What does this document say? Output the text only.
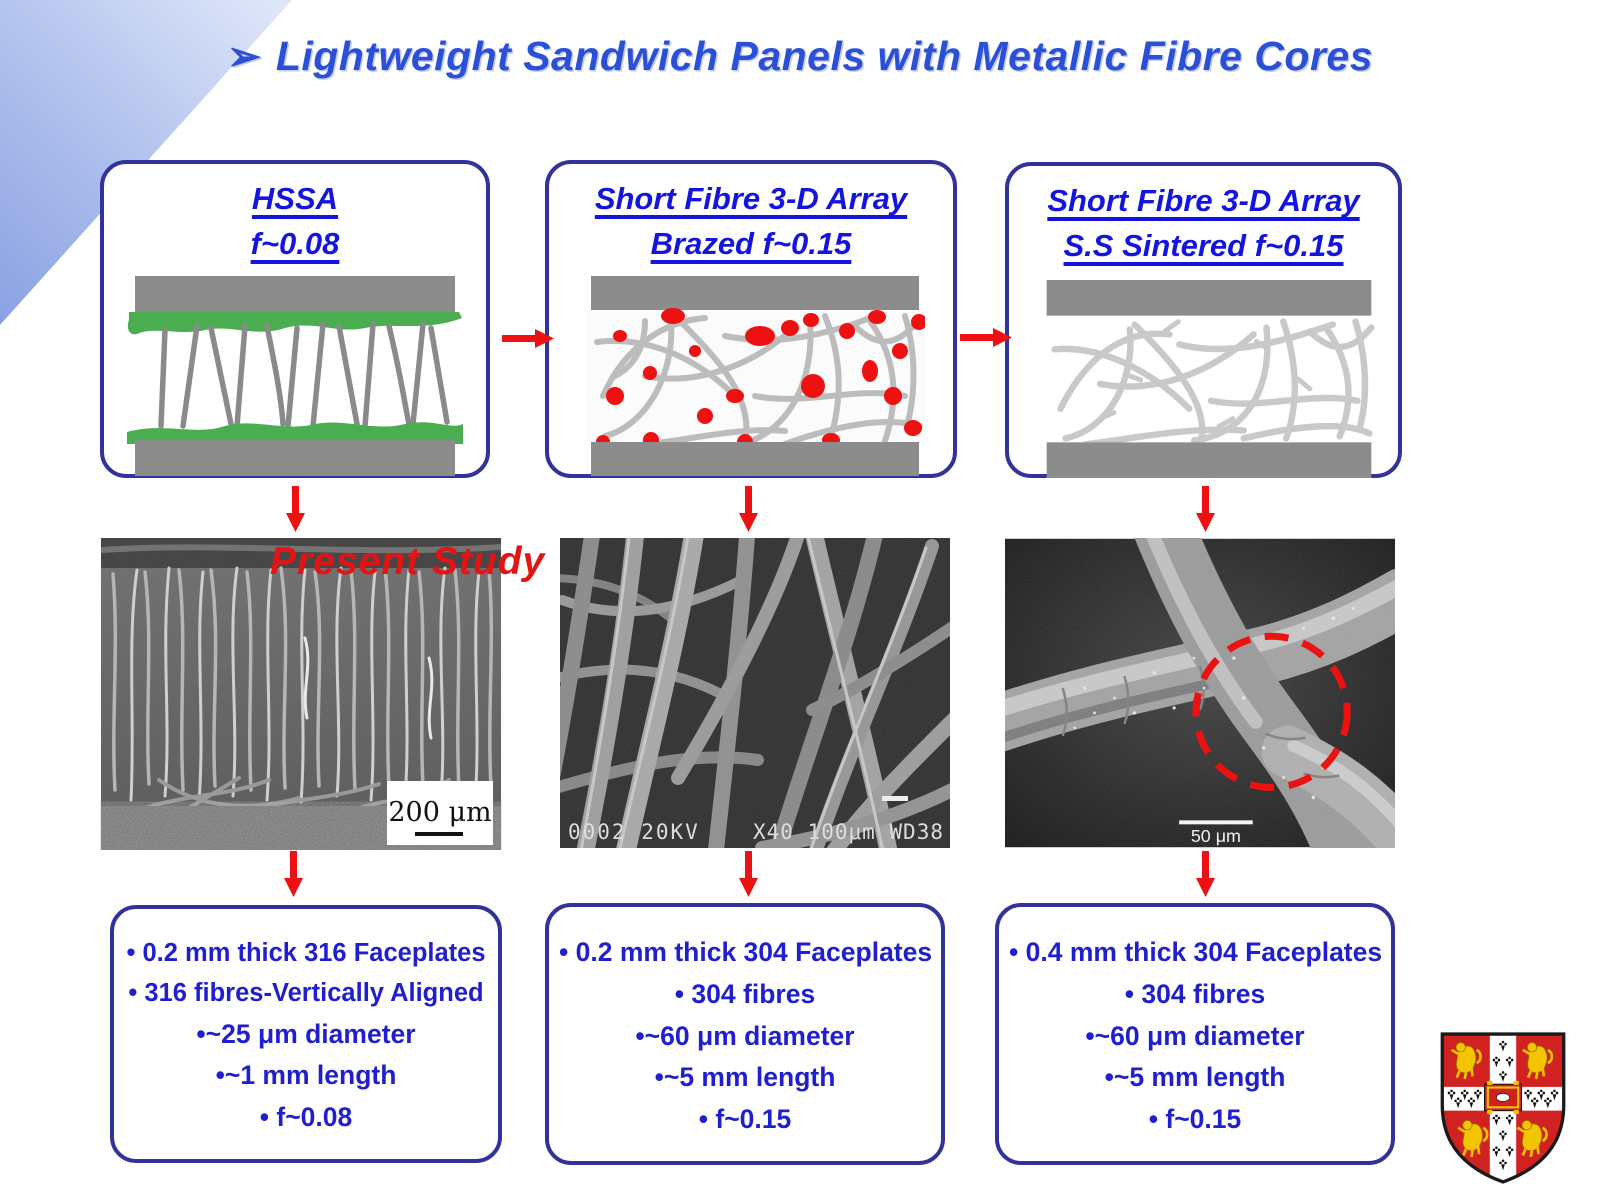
➢ Lightweight Sandwich Panels with Metallic Fibre Cores
HSSA
f~0.08
Short Fibre 3-D Array
Brazed f~0.15
Short Fibre 3-D Array
S.S Sintered f~0.15
Present Study
200 μm
0002 20KV	X40 100μm WD38	50 μm
• 0.2 mm thick 316 Faceplates
• 316 fibres-Vertically Aligned
•~25 μm diameter
•~1 mm length
• f~0.08
• 0.2 mm thick 304 Faceplates
• 304 fibres
•~60 μm diameter
•~5 mm length
• f~0.15
• 0.4 mm thick 304 Faceplates
• 304 fibres
•~60 μm diameter
•~5 mm length
• f~0.15
